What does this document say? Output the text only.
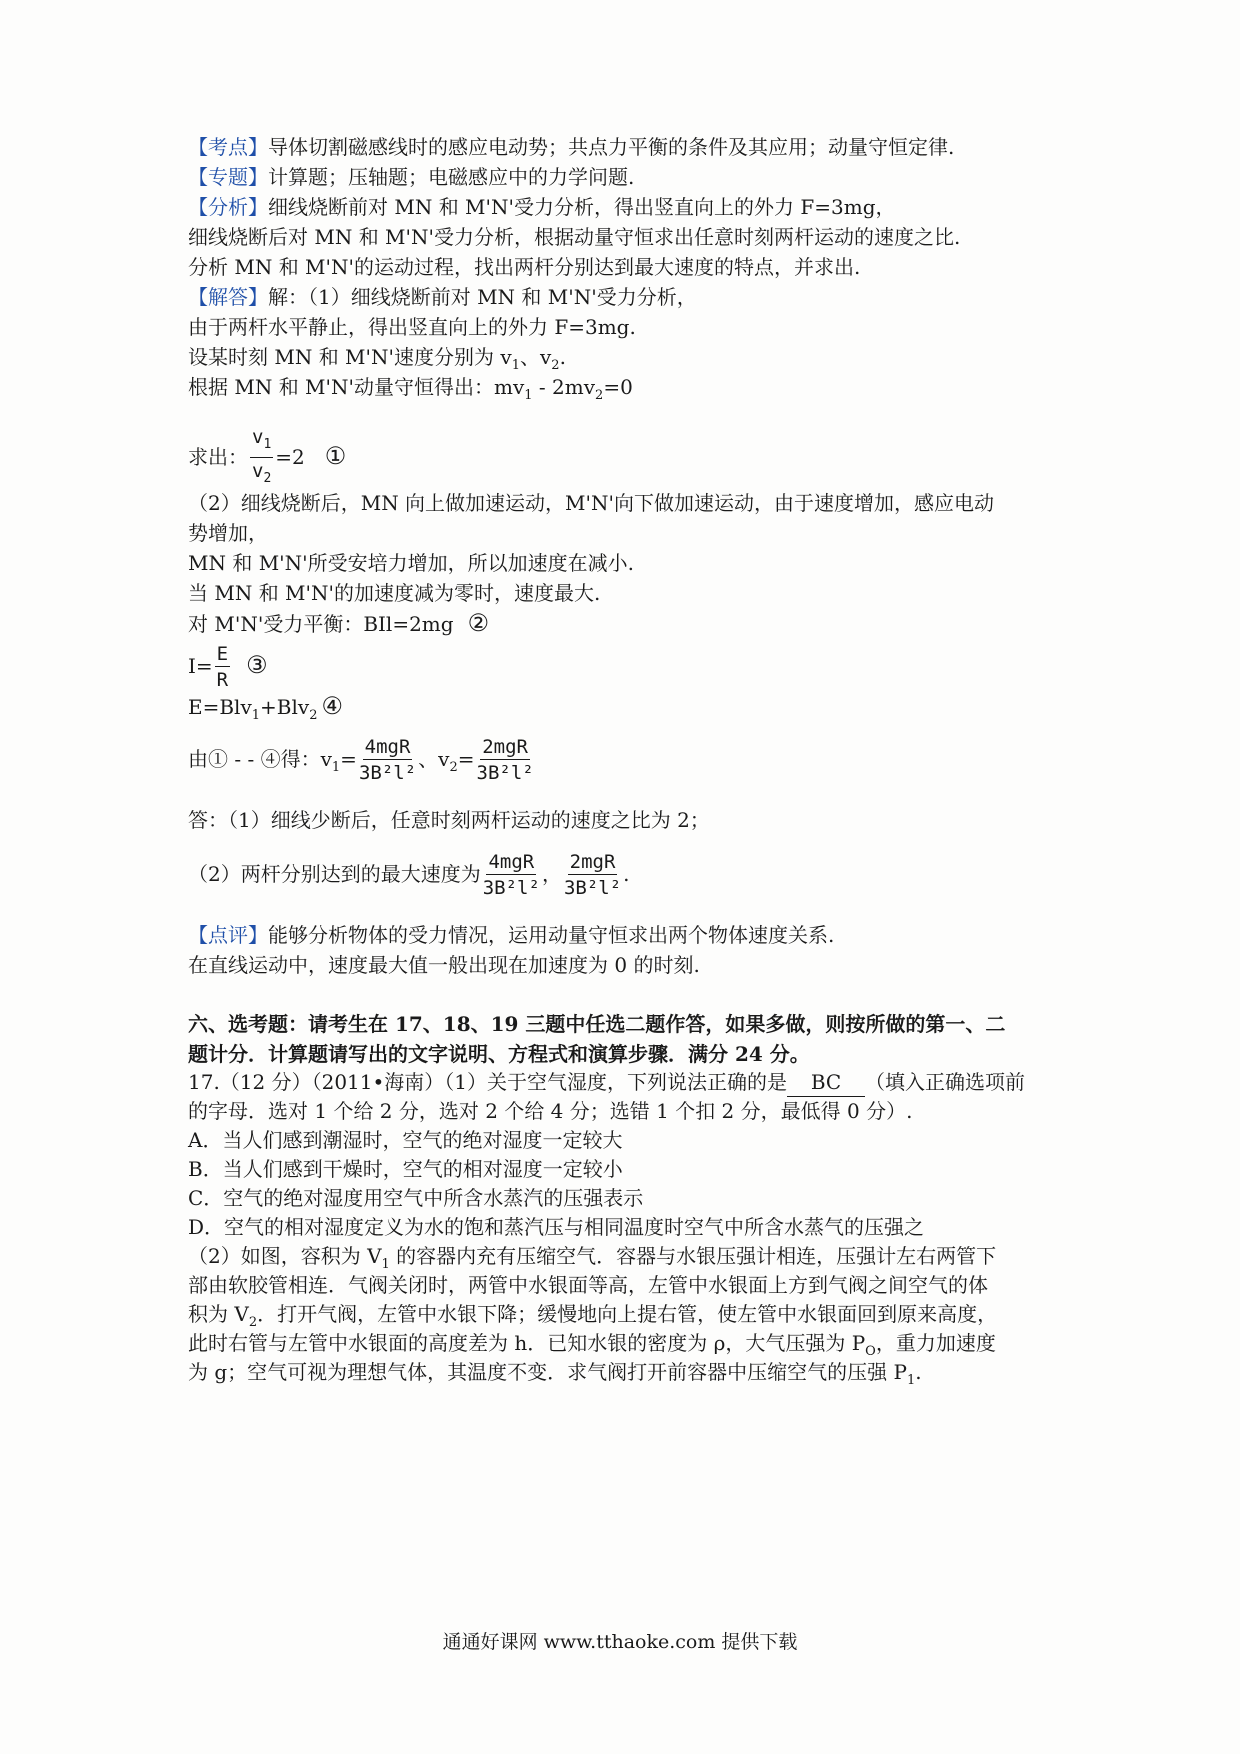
【考点】导体切割磁感线时的感应电动势；共点力平衡的条件及其应用；动量守恒定律.
【专题】计算题；压轴题；电磁感应中的力学问题.
【分析】细线烧断前对 MN 和 M'N'受力分析，得出竖直向上的外力 F=3mg，
细线烧断后对 MN 和 M'N'受力分析，根据动量守恒求出任意时刻两杆运动的速度之比.
分析 MN 和 M'N'的运动过程，找出两杆分别达到最大速度的特点，并求出.
【解答】解：（1）细线烧断前对 MN 和 M'N'受力分析，
由于两杆水平静止，得出竖直向上的外力 F=3mg.
设某时刻 MN 和 M'N'速度分别为 $v_1$、$v_2$.
根据 MN 和 M'N'动量守恒得出：$mv_1 - 2mv_2=0$
求出： $\frac{v_1}{v_2} =2$ ①
（2）细线烧断后，MN 向上做加速运动，M'N'向下做加速运动，由于速度增加，感应电动
势增加，
MN 和 M'N'所受安培力增加，所以加速度在减小.
当 MN 和 M'N'的加速度减为零时，速度最大.
对 M'N'受力平衡：BIl=2mg ②
$I= \frac{E}{R}$ ③
E=Blv$_1$+Blv$_2$ ④
由① - - ④得：$v_1= \frac{\text{4mgR}}{\text{3B²l²}}$ 、$v_2= \frac{\text{2mgR}}{\text{3B²l²}}$
答：（1）细线少断后，任意时刻两杆运动的速度之比为 2；
（2）两杆分别达到的最大速度为 $\frac{\text{4mgR}}{\text{3B²l²}}$ ， $\frac{\text{2mgR}}{\text{3B²l²}}$ .
【点评】能够分析物体的受力情况，运用动量守恒求出两个物体速度关系.
在直线运动中，速度最大值一般出现在加速度为 0 的时刻.
六、选考题：请考生在 17、18、19 三题中任选二题作答，如果多做，则按所做的第一、二
题计分．计算题请写出的文字说明、方程式和演算步骤．满分 24 分。
17.（12 分）（2011•海南）（1）关于空气湿度，下列说法正确的是 BC （填入正确选项前
的字母．选对 1 个给 2 分，选对 2 个给 4 分；选错 1 个扣 2 分，最低得 0 分）.
A．当人们感到潮湿时，空气的绝对湿度一定较大
B．当人们感到干燥时，空气的相对湿度一定较小
C．空气的绝对湿度用空气中所含水蒸汽的压强表示
D．空气的相对湿度定义为水的饱和蒸汽压与相同温度时空气中所含水蒸气的压强之
（2）如图，容积为 $V_1$ 的容器内充有压缩空气．容器与水银压强计相连，压强计左右两管下
部由软胶管相连．气阀关闭时，两管中水银面等高，左管中水银面上方到气阀之间空气的体
积为 $V_2$．打开气阀，左管中水银下降；缓慢地向上提右管，使左管中水银面回到原来高度，
此时右管与左管中水银面的高度差为 h．已知水银的密度为 ρ，大气压强为 $P_O$，重力加速度
为 g；空气可视为理想气体，其温度不变．求气阀打开前容器中压缩空气的压强 $P_1$.
通通好课网 www.tthaoke.com 提供下载
